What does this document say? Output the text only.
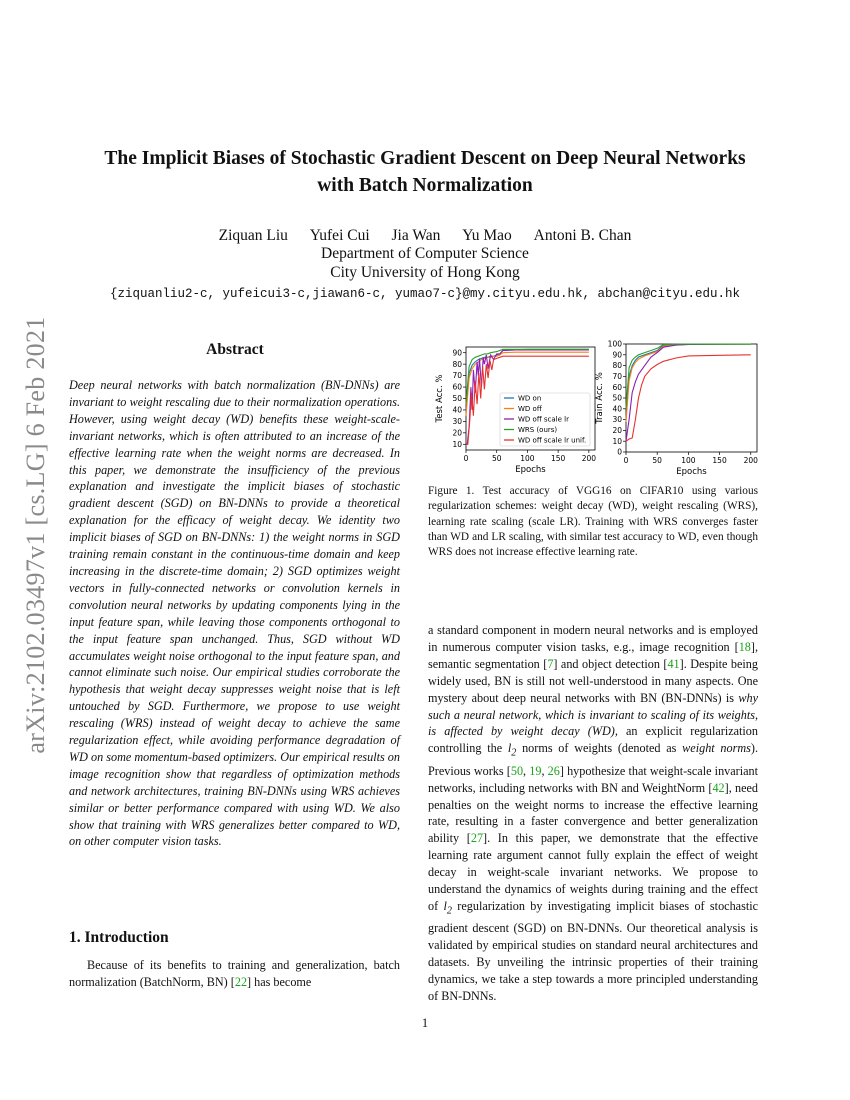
arXiv:2102.03497v1 [cs.LG] 6 Feb 2021
The Implicit Biases of Stochastic Gradient Descent on Deep Neural Networks
with Batch Normalization
Ziquan Liu Yufei Cui Jia Wan Yu Mao Antoni B. Chan
Department of Computer Science
City University of Hong Kong
{ziquanliu2-c, yufeicui3-c,jiawan6-c, yumao7-c}@my.cityu.edu.hk, abchan@cityu.edu.hk
Abstract
Deep neural networks with batch normalization (BN-DNNs) are invariant to weight rescaling due to their normalization operations. However, using weight decay (WD) benefits these weight-scale-invariant networks, which is often attributed to an increase of the effective learning rate when the weight norms are decreased. In this paper, we demonstrate the insufficiency of the previous explanation and investigate the implicit biases of stochastic gradient descent (SGD) on BN-DNNs to provide a theoretical explanation for the efficacy of weight decay. We identity two implicit biases of SGD on BN-DNNs: 1) the weight norms in SGD training remain constant in the continuous-time domain and keep increasing in the discrete-time domain; 2) SGD optimizes weight vectors in fully-connected networks or convolution kernels in convolution neural networks by updating components lying in the input feature span, while leaving those components orthogonal to the input feature span unchanged. Thus, SGD without WD accumulates weight noise orthogonal to the input feature span, and cannot eliminate such noise. Our empirical studies corroborate the hypothesis that weight decay suppresses weight noise that is left untouched by SGD. Furthermore, we propose to use weight rescaling (WRS) instead of weight decay to achieve the same regularization effect, while avoiding performance degradation of WD on some momentum-based optimizers. Our empirical results on image recognition show that regardless of optimization methods and network architectures, training BN-DNNs using WRS achieves similar or better performance compared with using WD. We also show that training with WRS generalizes better compared to WD, on other computer vision tasks.
1. Introduction
Because of its benefits to training and generalization, batch normalization (BatchNorm, BN) [22] has become
a standard component in modern neural networks and is employed in numerous computer vision tasks, e.g., image recognition [18], semantic segmentation [7] and object detection [41]. Despite being widely used, BN is still not well-understood in many aspects. One mystery about deep neural networks with BN (BN-DNNs) is why such a neural network, which is invariant to scaling of its weights, is affected by weight decay (WD), an explicit regularization controlling the $l_2$ norms of weights (denoted as weight norms). Previous works [50, 19, 26] hypothesize that weight-scale invariant networks, including networks with BN and WeightNorm [42], need penalties on the weight norms to increase the effective learning rate, resulting in a faster convergence and better generalization ability [27]. In this paper, we demonstrate that the effective learning rate argument cannot fully explain the effect of weight decay in weight-scale invariant networks. We propose to understand the dynamics of weights during training and the effect of $l_2$ regularization by investigating implicit biases of stochastic gradient descent (SGD) on BN-DNNs. Our theoretical analysis is validated by empirical studies on standard neural architectures and datasets. By unveiling the intrinsic properties of their training dynamics, we take a step towards a more principled understanding of BN-DNNs.
0	50	100 150 200
10
20
30
40
50
60
70
80
90
Epochs
Test Acc. %	WD on
WD off
WD off scale lr
WRS (ours)
WD off scale lr unif.
0	50	100 150 200
0
10
20
30
40
50
60
70
80
90
100
Epochs
Train Acc. %
Figure 1. Test accuracy of VGG16 on CIFAR10 using various regularization schemes: weight decay (WD), weight rescaling (WRS), learning rate scaling (scale LR). Training with WRS converges faster than WD and LR scaling, with similar test accuracy to WD, even though WRS does not increase effective learning rate.
1
